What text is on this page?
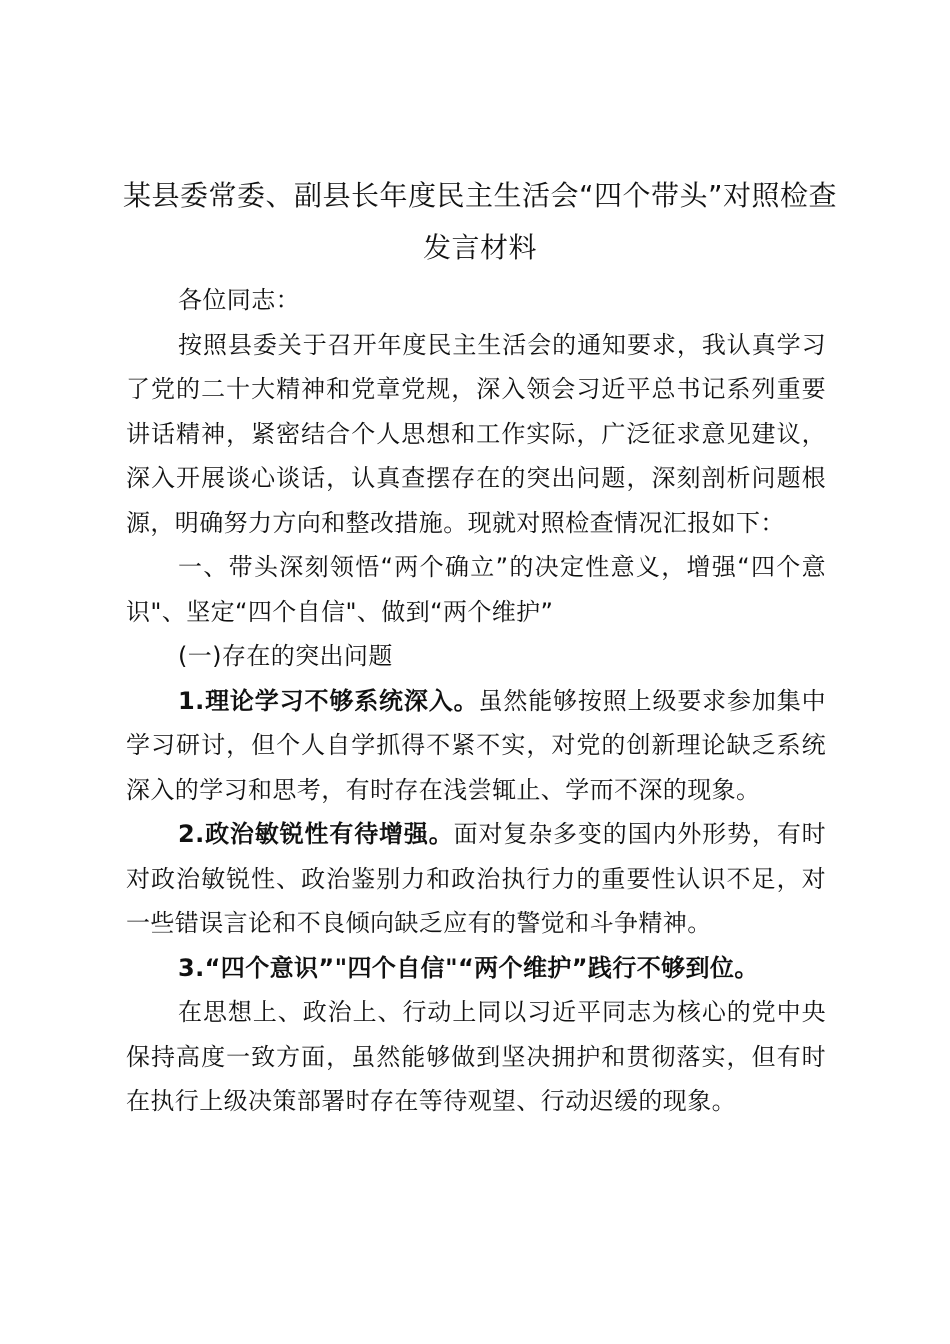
某县委常委、副县长年度民主生活会“四个带头”对照检查发言材料

各位同志：

按照县委关于召开年度民主生活会的通知要求，我认真学习了党的二十大精神和党章党规，深入领会习近平总书记系列重要讲话精神，紧密结合个人思想和工作实际，广泛征求意见建议，深入开展谈心谈话，认真查摆存在的突出问题，深刻剖析问题根源，明确努力方向和整改措施。现就对照检查情况汇报如下：

一、带头深刻领悟“两个确立”的决定性意义，增强“四个意识"、坚定“四个自信"、做到“两个维护”

(一)存在的突出问题

1.理论学习不够系统深入。虽然能够按照上级要求参加集中学习研讨，但个人自学抓得不紧不实，对党的创新理论缺乏系统深入的学习和思考，有时存在浅尝辄止、学而不深的现象。

2.政治敏锐性有待增强。面对复杂多变的国内外形势，有时对政治敏锐性、政治鉴别力和政治执行力的重要性认识不足，对一些错误言论和不良倾向缺乏应有的警觉和斗争精神。

3.“四个意识”"四个自信"“两个维护”践行不够到位。

在思想上、政治上、行动上同以习近平同志为核心的党中央保持高度一致方面，虽然能够做到坚决拥护和贯彻落实，但有时在执行上级决策部署时存在等待观望、行动迟缓的现象。
